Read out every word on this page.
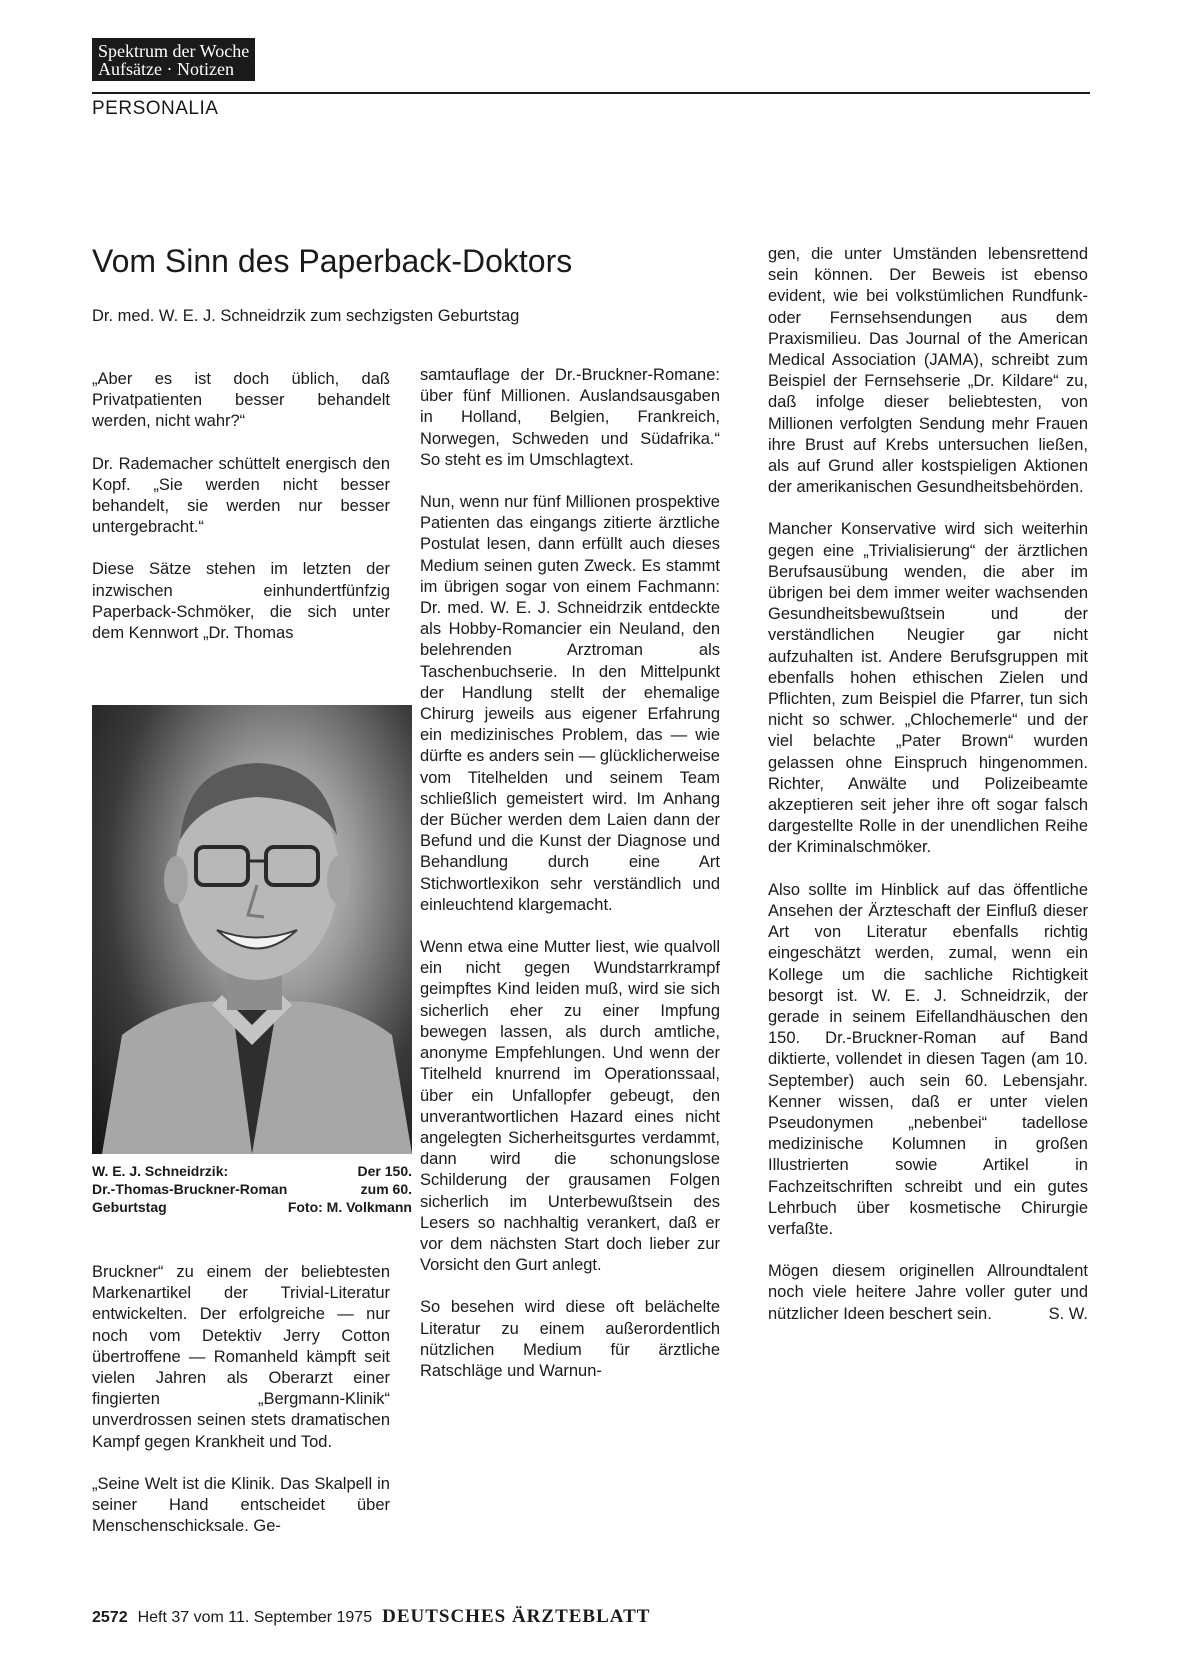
Spektrum der Woche
Aufsätze · Notizen
PERSONALIA
Vom Sinn des Paperback-Doktors
Dr. med. W. E. J. Schneidrzik zum sechzigsten Geburtstag

„Aber es ist doch üblich, daß Privatpatienten besser behandelt werden, nicht wahr?“

Dr. Rademacher schüttelt energisch den Kopf. „Sie werden nicht besser behandelt, sie werden nur besser untergebracht.“

Diese Sätze stehen im letzten der inzwischen einhundertfünfzig Paperback-Schmöker, die sich unter dem Kennwort „Dr. Thomas

W. E. J. Schneidrzik:	Der 150.
Dr.-Thomas-Bruckner-Roman	zum 60.
Geburtstag	Foto: M. Volkmann

Bruckner“ zu einem der beliebtesten Markenartikel der Trivial-Literatur entwickelten. Der erfolgreiche — nur noch vom Detektiv Jerry Cotton übertroffene — Romanheld kämpft seit vielen Jahren als Oberarzt einer fingierten „Bergmann-Klinik“ unverdrossen seinen stets dramatischen Kampf gegen Krankheit und Tod.

„Seine Welt ist die Klinik. Das Skalpell in seiner Hand entscheidet über Menschenschicksale. Ge-

samtauflage der Dr.-Bruckner-Romane: über fünf Millionen. Auslandsausgaben in Holland, Belgien, Frankreich, Norwegen, Schweden und Südafrika.“ So steht es im Umschlagtext.

Nun, wenn nur fünf Millionen prospektive Patienten das eingangs zitierte ärztliche Postulat lesen, dann erfüllt auch dieses Medium seinen guten Zweck. Es stammt im übrigen sogar von einem Fachmann: Dr. med. W. E. J. Schneidrzik entdeckte als Hobby-Romancier ein Neuland, den belehrenden Arztroman als Taschenbuchserie. In den Mittelpunkt der Handlung stellt der ehemalige Chirurg jeweils aus eigener Erfahrung ein medizinisches Problem, das — wie dürfte es anders sein — glücklicherweise vom Titelhelden und seinem Team schließlich gemeistert wird. Im Anhang der Bücher werden dem Laien dann der Befund und die Kunst der Diagnose und Behandlung durch eine Art Stichwortlexikon sehr verständlich und einleuchtend klargemacht.

Wenn etwa eine Mutter liest, wie qualvoll ein nicht gegen Wundstarrkrampf geimpftes Kind leiden muß, wird sie sich sicherlich eher zu einer Impfung bewegen lassen, als durch amtliche, anonyme Empfehlungen. Und wenn der Titelheld knurrend im Operationssaal, über ein Unfallopfer gebeugt, den unverantwortlichen Hazard eines nicht angelegten Sicherheitsgurtes verdammt, dann wird die schonungslose Schilderung der grausamen Folgen sicherlich im Unterbewußtsein des Lesers so nachhaltig verankert, daß er vor dem nächsten Start doch lieber zur Vorsicht den Gurt anlegt.

So besehen wird diese oft belächelte Literatur zu einem außerordentlich nützlichen Medium für ärztliche Ratschläge und Warnun-

gen, die unter Umständen lebensrettend sein können. Der Beweis ist ebenso evident, wie bei volkstümlichen Rundfunk- oder Fernsehsendungen aus dem Praxismilieu. Das Journal of the American Medical Association (JAMA), schreibt zum Beispiel der Fernsehserie „Dr. Kildare“ zu, daß infolge dieser beliebtesten, von Millionen verfolgten Sendung mehr Frauen ihre Brust auf Krebs untersuchen ließen, als auf Grund aller kostspieligen Aktionen der amerikanischen Gesundheitsbehörden.

Mancher Konservative wird sich weiterhin gegen eine „Trivialisierung“ der ärztlichen Berufsausübung wenden, die aber im übrigen bei dem immer weiter wachsenden Gesundheitsbewußtsein und der verständlichen Neugier gar nicht aufzuhalten ist. Andere Berufsgruppen mit ebenfalls hohen ethischen Zielen und Pflichten, zum Beispiel die Pfarrer, tun sich nicht so schwer. „Chlochemerle“ und der viel belachte „Pater Brown“ wurden gelassen ohne Einspruch hingenommen. Richter, Anwälte und Polizeibeamte akzeptieren seit jeher ihre oft sogar falsch dargestellte Rolle in der unendlichen Reihe der Kriminalschmöker.

Also sollte im Hinblick auf das öffentliche Ansehen der Ärzteschaft der Einfluß dieser Art von Literatur ebenfalls richtig eingeschätzt werden, zumal, wenn ein Kollege um die sachliche Richtigkeit besorgt ist. W. E. J. Schneidrzik, der gerade in seinem Eifellandhäuschen den 150. Dr.-Bruckner-Roman auf Band diktierte, vollendet in diesen Tagen (am 10. September) auch sein 60. Lebensjahr. Kenner wissen, daß er unter vielen Pseudonymen „nebenbei“ tadellose medizinische Kolumnen in großen Illustrierten sowie Artikel in Fachzeitschriften schreibt und ein gutes Lehrbuch über kosmetische Chirurgie verfaßte.

Mögen diesem originellen Allroundtalent noch viele heitere Jahre voller guter und nützlicher Ideen beschert sein.	S. W.

2572 Heft 37 vom 11. September 1975 DEUTSCHES ÄRZTEBLATT
